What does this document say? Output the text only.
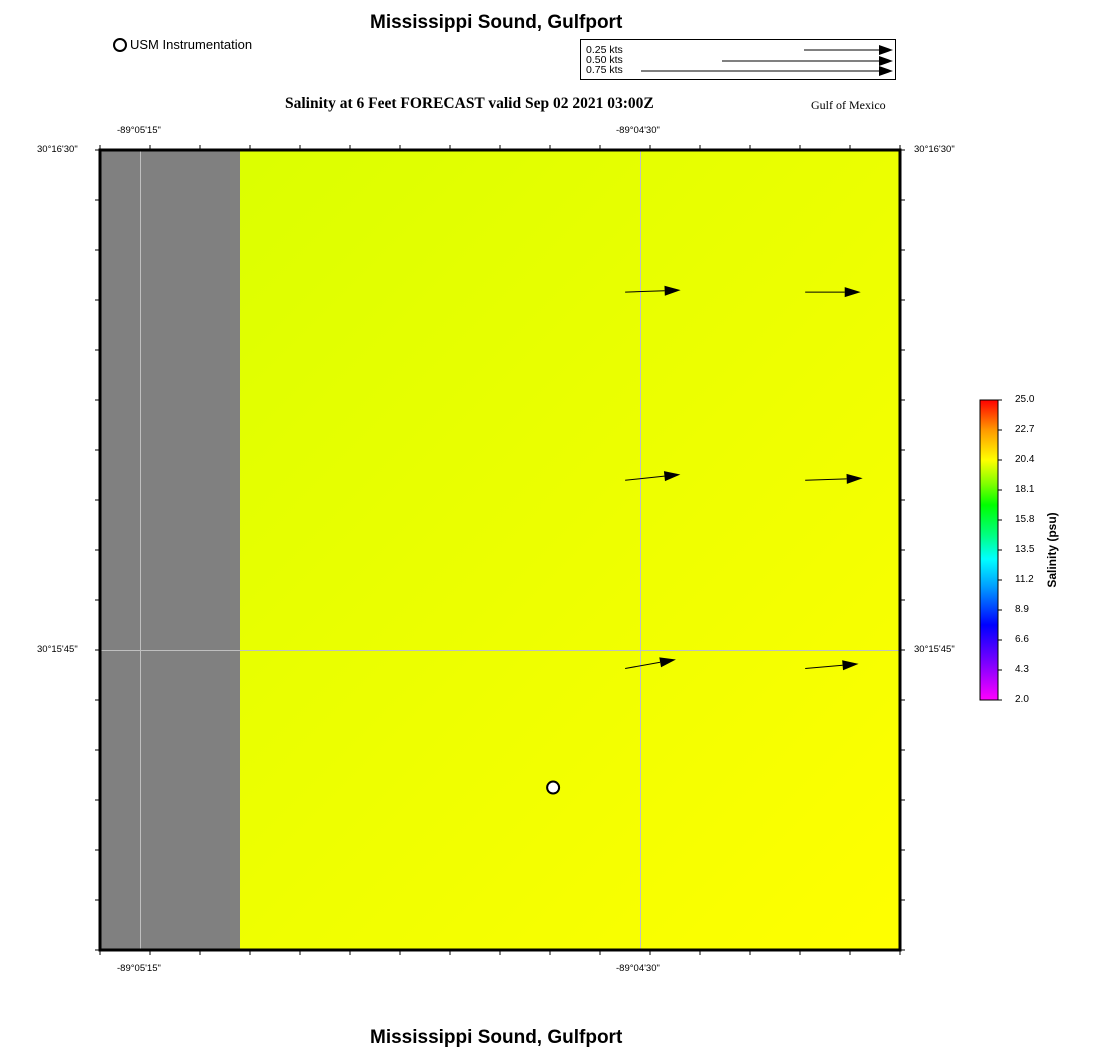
Mississippi Sound, Gulfport
USM Instrumentation	0.25 kts
0.50 kts
0.75 kts
Salinity at 6 Feet FORECAST valid Sep 02 2021 03:00Z	Gulf of Mexico
-89°05'15"	-89°04'30"
-89°05'15"	-89°04'30"
30°16'30"
30°15'45"
30°16'30"
30°15'45"
25.0
22.7
20.4
18.1
15.8
13.5
11.2
8.9
6.6
4.3
2.0
Salinity (psu)
Mississippi Sound, Gulfport
